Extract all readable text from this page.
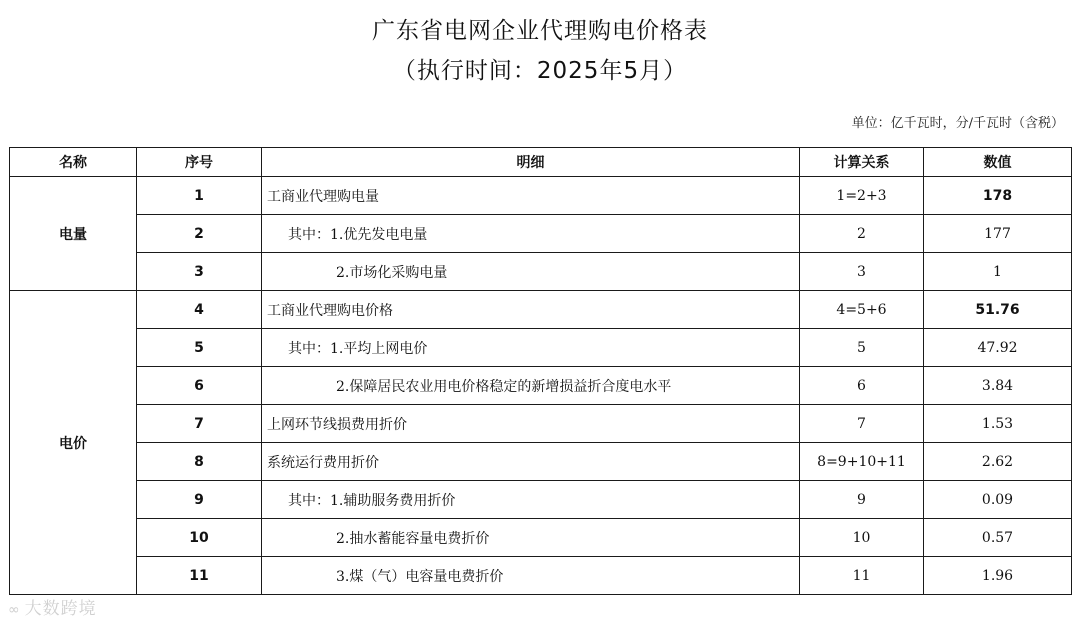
广东省电网企业代理购电价格表
（执行时间：2025年5月）
单位：亿千瓦时，分/千瓦时（含税）
名称	序号	明细	计算关系	数值
电量	1	工商业代理购电量	1=2+3	178
	2	其中：1.优先发电电量	2	177
	3	2.市场化采购电量	3	1
电价	4	工商业代理购电价格	4=5+6	51.76
	5	其中：1.平均上网电价	5	47.92
	6	2.保障居民农业用电价格稳定的新增损益折合度电水平	6	3.84
	7	上网环节线损费用折价	7	1.53
	8	系统运行费用折价	8=9+10+11	2.62
	9	其中：1.辅助服务费用折价	9	0.09
	10	2.抽水蓄能容量电费折价	10	0.57
	11	3.煤（气）电容量电费折价	11	1.96
∞ 大数跨境
